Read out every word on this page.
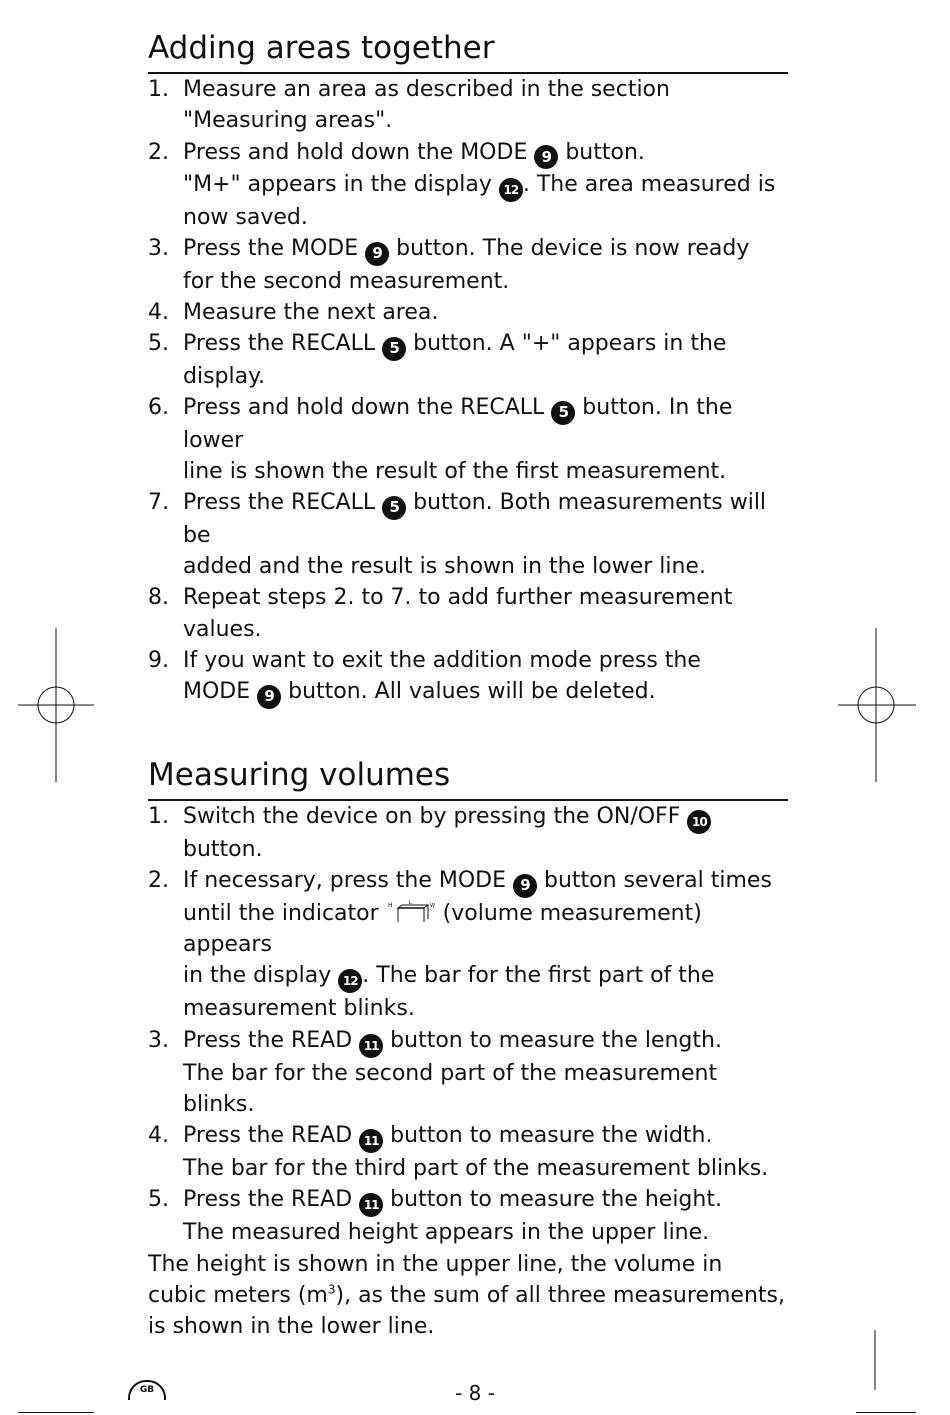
Adding areas together
1. Measure an area as described in the section
"Measuring areas".
2. Press and hold down the MODE 9 button.
"M+" appears in the display 12 . The area measured is
now saved.
3. Press the MODE 9 button. The device is now ready
for the second measurement.
4. Measure the next area.
5. Press the RECALL 5 button. A "+" appears in the display.
6. Press and hold down the RECALL 5 button. In the lower
line is shown the result of the first measurement.
7. Press the RECALL 5 button. Both measurements will be
added and the result is shown in the lower line.
8. Repeat steps 2. to 7. to add further measurement values.
9. If you want to exit the addition mode press the
MODE 9 button. All values will be deleted.
Measuring volumes
1. Switch the device on by pressing the ON/OFF 10 button.
2. If necessary, press the MODE 9 button several times
until the indicator H	L	W (volume measurement) appears
in the display 12 . The bar for the first part of the
measurement blinks.
3. Press the READ 11 button to measure the length.
The bar for the second part of the measurement blinks.
4. Press the READ 11 button to measure the width.
The bar for the third part of the measurement blinks.
5. Press the READ 11 button to measure the height.
The measured height appears in the upper line.

The height is shown in the upper line, the volume in
cubic meters $(m^3)$, as the sum of all three measurements,
is shown in the lower line.

GB	- 8 -
